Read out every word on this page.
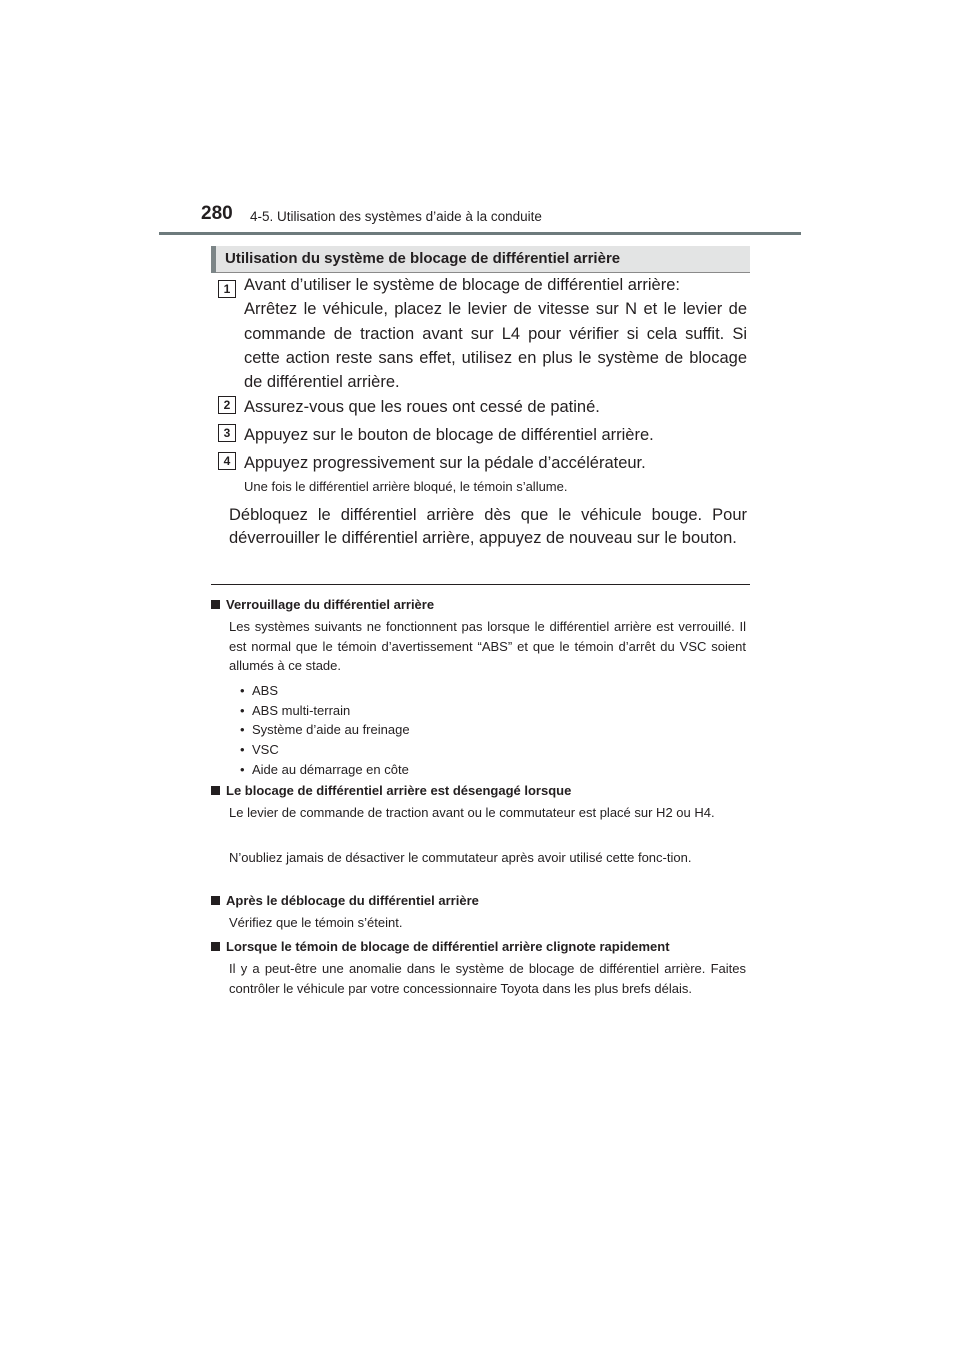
280 4-5. Utilisation des systèmes d’aide à la conduite
Utilisation du système de blocage de différentiel arrière
1 Avant d’utiliser le système de blocage de différentiel arrière:

Arrêtez le véhicule, placez le levier de vitesse sur N et le levier de commande de traction avant sur L4 pour vérifier si cela suffit. Si cette action reste sans effet, utilisez en plus le système de blocage de différentiel arrière.

2 Assurez-vous que les roues ont cessé de patiné.
3 Appuyez sur le bouton de blocage de différentiel arrière.
4 Appuyez progressivement sur la pédale d’accélérateur.
Une fois le différentiel arrière bloqué, le témoin s’allume.
Débloquez le différentiel arrière dès que le véhicule bouge. Pour déverrouiller le différentiel arrière, appuyez de nouveau sur le bouton.
Verrouillage du différentiel arrière

Les systèmes suivants ne fonctionnent pas lorsque le différentiel arrière est verrouillé. Il est normal que le témoin d’avertissement “ABS” et que le témoin d’arrêt du VSC soient allumés à ce stade.

• ABS
• ABS multi-terrain
• Système d’aide au freinage
• VSC
• Aide au démarrage en côte
Le blocage de différentiel arrière est désengagé lorsque

Le levier de commande de traction avant ou le commutateur est placé sur H2 ou H4.

N’oubliez jamais de désactiver le commutateur après avoir utilisé cette fonc-tion.

Après le déblocage du différentiel arrière

Vérifiez que le témoin s’éteint.

Lorsque le témoin de blocage de différentiel arrière clignote rapidement

Il y a peut-être une anomalie dans le système de blocage de différentiel arrière. Faites contrôler le véhicule par votre concessionnaire Toyota dans les plus brefs délais.
